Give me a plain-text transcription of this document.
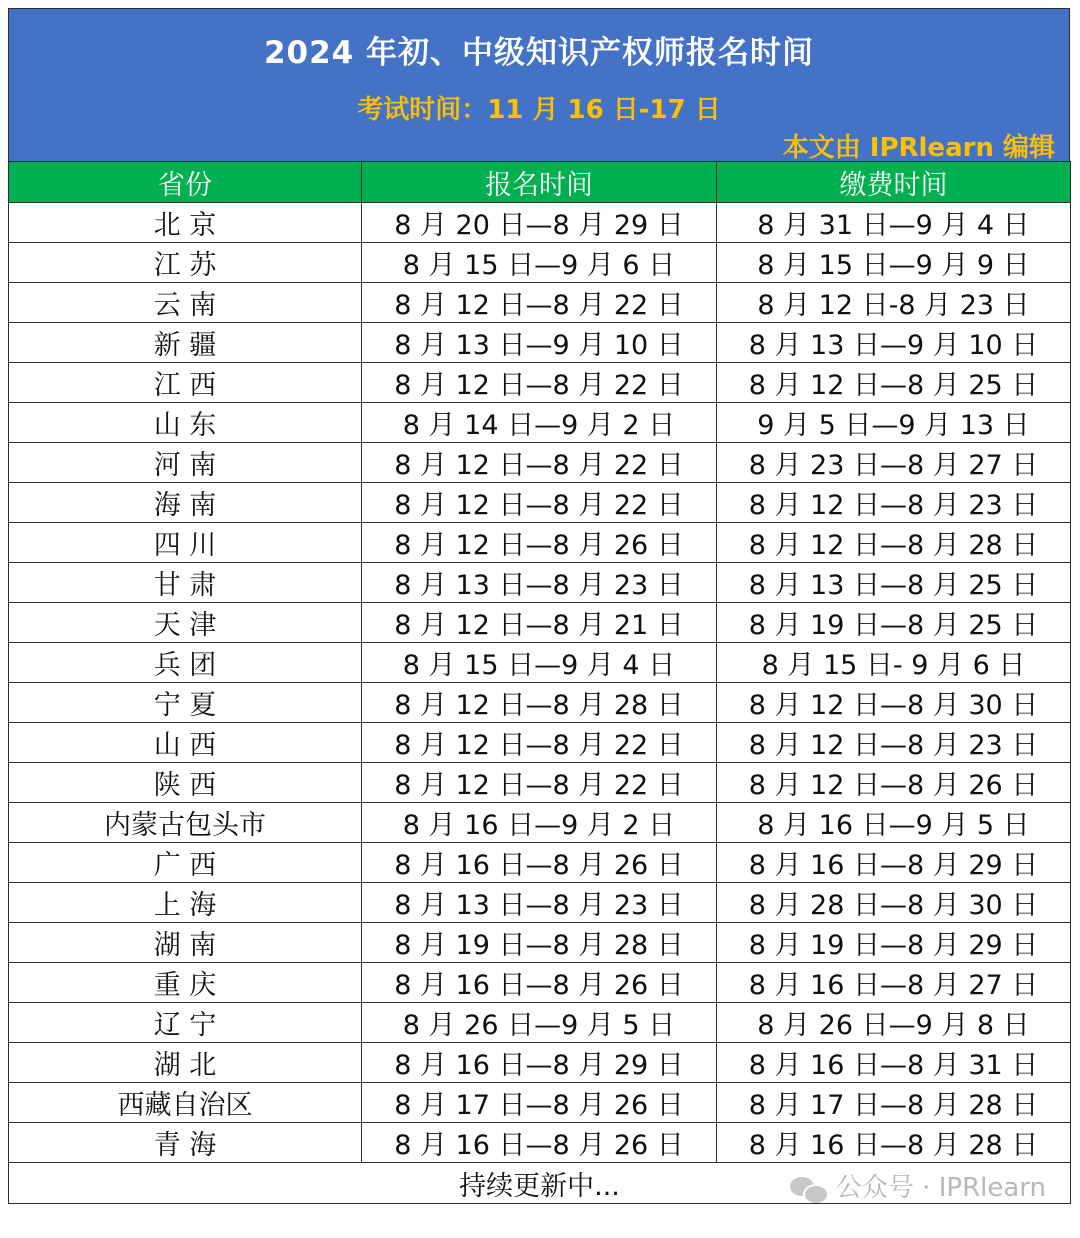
2024 年初、中级知识产权师报名时间
考试时间：11 月 16 日-17 日
本文由 IPRlearn 编辑
省份	报名时间	缴费时间
北 京	8 月 20 日—8 月 29 日	8 月 31 日—9 月 4 日
江 苏	8 月 15 日—9 月 6 日	8 月 15 日—9 月 9 日
云 南	8 月 12 日—8 月 22 日	8 月 12 日-8 月 23 日
新 疆	8 月 13 日—9 月 10 日	8 月 13 日—9 月 10 日
江 西	8 月 12 日—8 月 22 日	8 月 12 日—8 月 25 日
山 东	8 月 14 日—9 月 2 日	9 月 5 日—9 月 13 日
河 南	8 月 12 日—8 月 22 日	8 月 23 日—8 月 27 日
海 南	8 月 12 日—8 月 22 日	8 月 12 日—8 月 23 日
四 川	8 月 12 日—8 月 26 日	8 月 12 日—8 月 28 日
甘 肃	8 月 13 日—8 月 23 日	8 月 13 日—8 月 25 日
天 津	8 月 12 日—8 月 21 日	8 月 19 日—8 月 25 日
兵 团	8 月 15 日—9 月 4 日	8 月 15 日- 9 月 6 日
宁 夏	8 月 12 日—8 月 28 日	8 月 12 日—8 月 30 日
山 西	8 月 12 日—8 月 22 日	8 月 12 日—8 月 23 日
陕 西	8 月 12 日—8 月 22 日	8 月 12 日—8 月 26 日
内蒙古包头市	8 月 16 日—9 月 2 日	8 月 16 日—9 月 5 日
广 西	8 月 16 日—8 月 26 日	8 月 16 日—8 月 29 日
上 海	8 月 13 日—8 月 23 日	8 月 28 日—8 月 30 日
湖 南	8 月 19 日—8 月 28 日	8 月 19 日—8 月 29 日
重 庆	8 月 16 日—8 月 26 日	8 月 16 日—8 月 27 日
辽 宁	8 月 26 日—9 月 5 日	8 月 26 日—9 月 8 日
湖 北	8 月 16 日—8 月 29 日	8 月 16 日—8 月 31 日
西藏自治区	8 月 17 日—8 月 26 日	8 月 17 日—8 月 28 日
青 海	8 月 16 日—8 月 26 日	8 月 16 日—8 月 28 日
持续更新中... 公众号 · IPRlearn		
